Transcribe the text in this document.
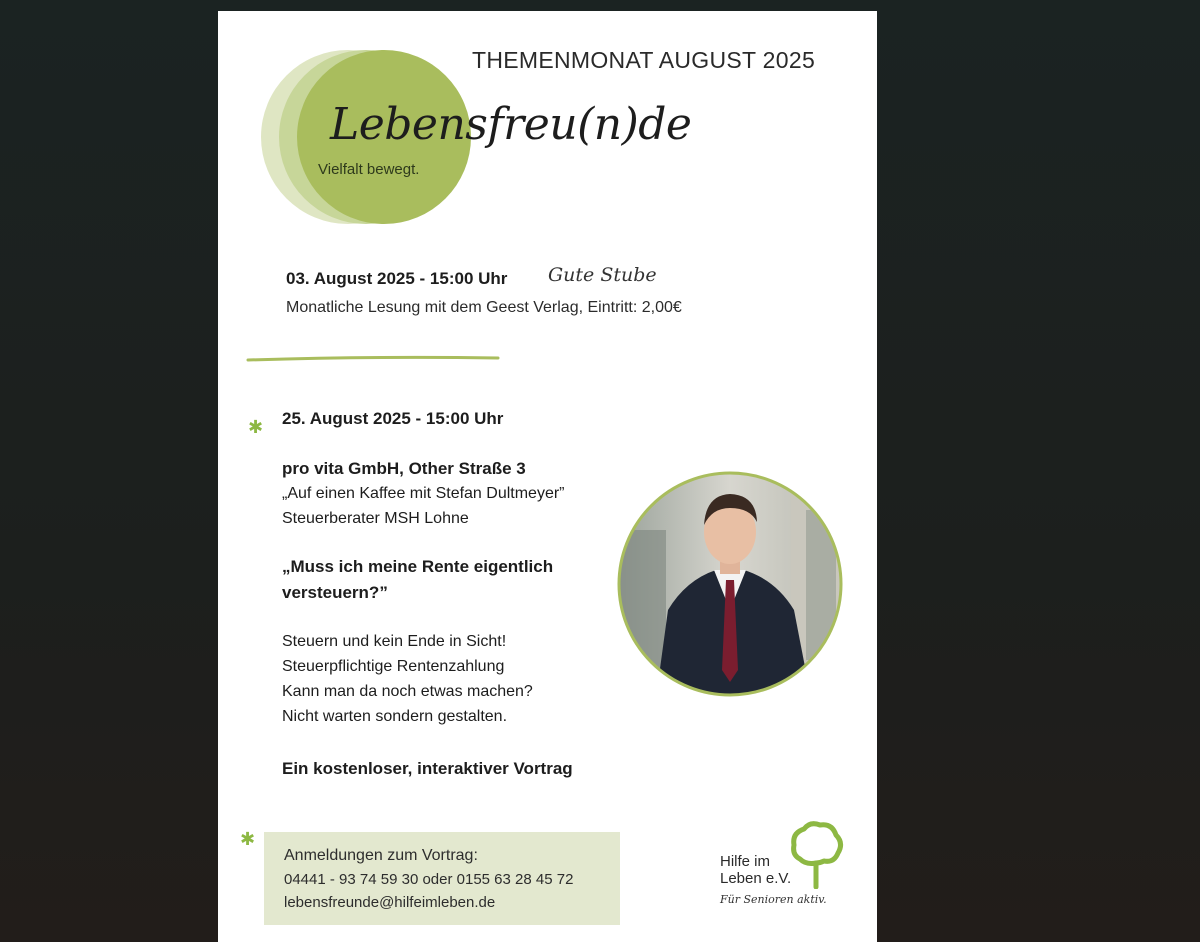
THEMENMONAT AUGUST 2025
Lebensfreu(n)de
Vielfalt bewegt.
03. August 2025 - 15:00 Uhr Gute Stube
Monatliche Lesung mit dem Geest Verlag, Eintritt: 2,00€
✱ 25. August 2025 - 15:00 Uhr
pro vita GmbH, Other Straße 3
„Auf einen Kaffee mit Stefan Dultmeyer”
Steuerberater MSH Lohne
„Muss ich meine Rente eigentlich
versteuern?”
Steuern und kein Ende in Sicht!
Steuerpflichtige Rentenzahlung
Kann man da noch etwas machen?
Nicht warten sondern gestalten.
Ein kostenloser, interaktiver Vortrag
✱
Anmeldungen zum Vortrag:
04441 - 93 74 59 30 oder 0155 63 28 45 72
lebensfreunde@hilfeimleben.de
Hilfe im
Leben e.V.
Für Senioren aktiv.
